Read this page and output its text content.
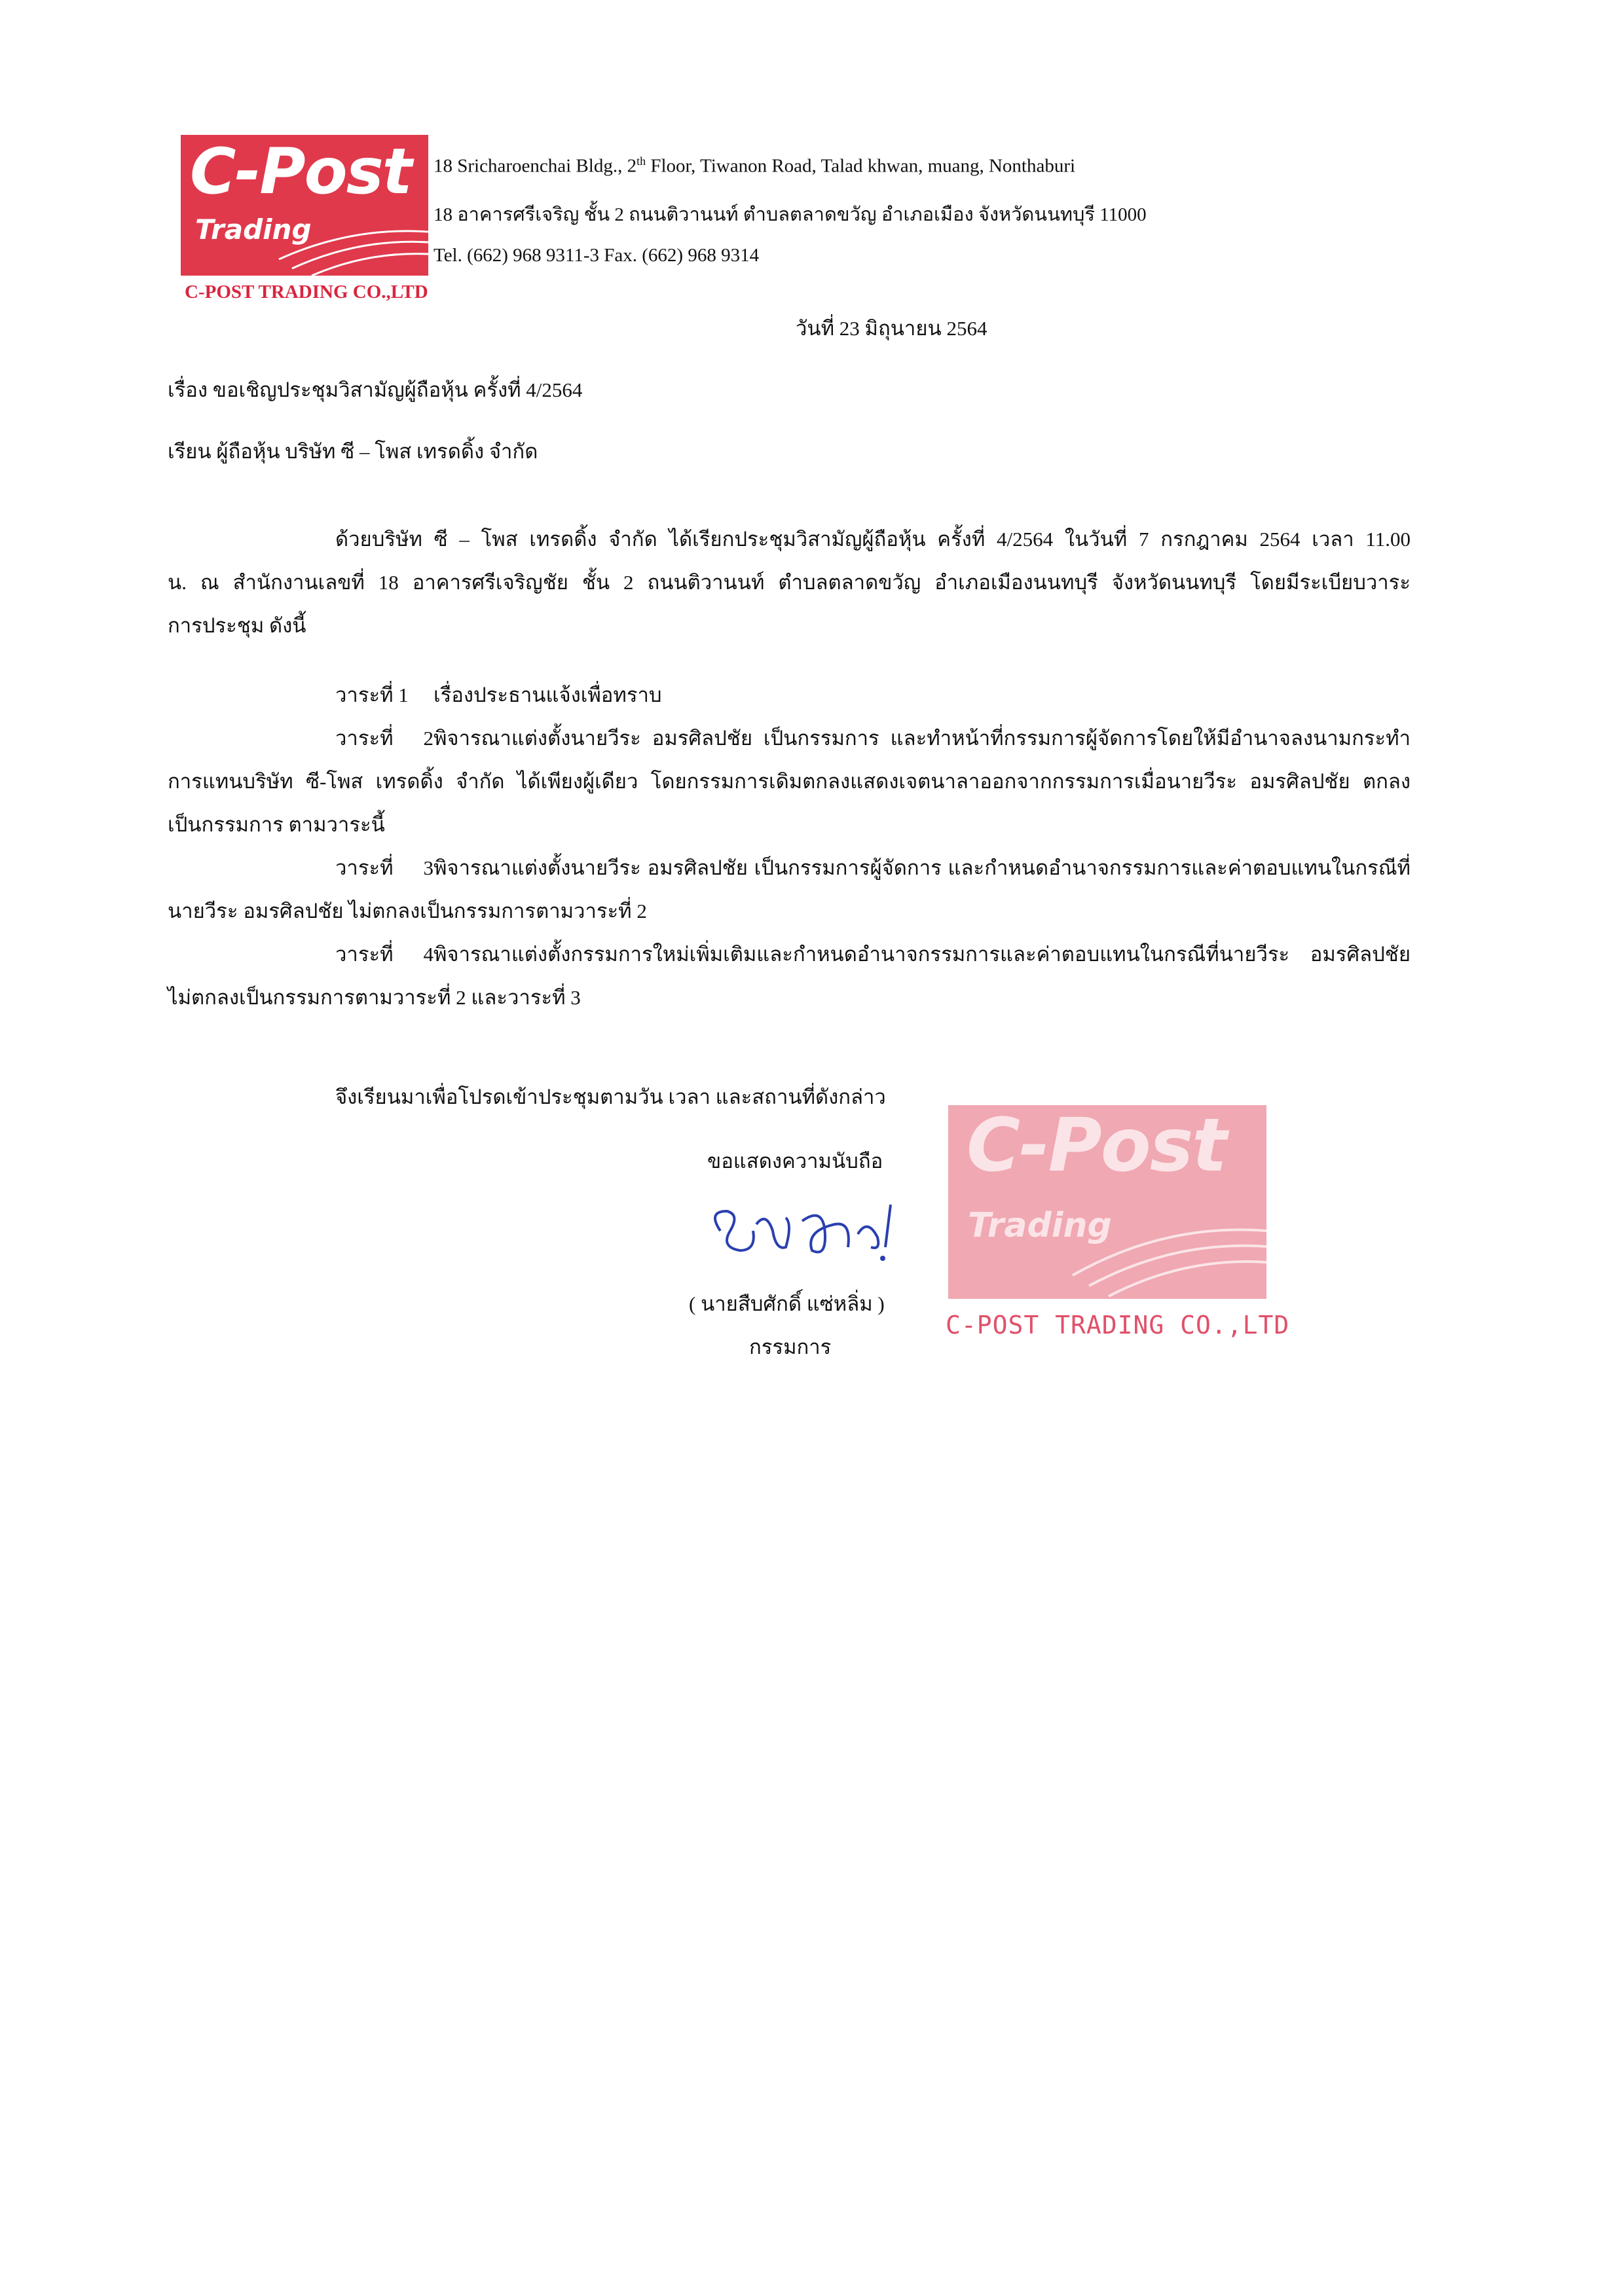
C-Post
Trading
C-POST TRADING CO.,LTD
18 Sricharoenchai Bldg., 2th Floor, Tiwanon Road, Talad khwan, muang, Nonthaburi
18 อาคารศรีเจริญ ชั้น 2 ถนนติวานนท์ ตำบลตลาดขวัญ อำเภอเมือง จังหวัดนนทบุรี 11000
Tel. (662) 968 9311-3 Fax. (662) 968 9314
วันที่ 23 มิถุนายน 2564
เรื่อง ขอเชิญประชุมวิสามัญผู้ถือหุ้น ครั้งที่ 4/2564
เรียน ผู้ถือหุ้น บริษัท ซี – โพส เทรดดิ้ง จำกัด
ด้วยบริษัท ซี – โพส เทรดดิ้ง จำกัด ได้เรียกประชุมวิสามัญผู้ถือหุ้น ครั้งที่ 4/2564 ในวันที่ 7 กรกฎาคม 2564 เวลา 11.00
น. ณ สำนักงานเลขที่ 18 อาคารศรีเจริญชัย ชั้น 2 ถนนติวานนท์ ตำบลตลาดขวัญ อำเภอเมืองนนทบุรี จังหวัดนนทบุรี โดยมีระเบียบวาระ
การประชุม ดังนี้
วาระที่ 1 เรื่องประธานแจ้งเพื่อทราบ
วาระที่ 2พิจารณาแต่งตั้งนายวีระ อมรศิลปชัย เป็นกรรมการ และทำหน้าที่กรรมการผู้จัดการโดยให้มีอำนาจลงนามกระทำ
การแทนบริษัท ซี-โพส เทรดดิ้ง จำกัด ได้เพียงผู้เดียว โดยกรรมการเดิมตกลงแสดงเจตนาลาออกจากกรรมการเมื่อนายวีระ อมรศิลปชัย ตกลง
เป็นกรรมการ ตามวาระนี้
วาระที่ 3พิจารณาแต่งตั้งนายวีระ อมรศิลปชัย เป็นกรรมการผู้จัดการ และกำหนดอำนาจกรรมการและค่าตอบแทนในกรณีที่
นายวีระ อมรศิลปชัย ไม่ตกลงเป็นกรรมการตามวาระที่ 2
วาระที่ 4พิจารณาแต่งตั้งกรรมการใหม่เพิ่มเติมและกำหนดอำนาจกรรมการและค่าตอบแทนในกรณีที่นายวีระ อมรศิลปชัย
ไม่ตกลงเป็นกรรมการตามวาระที่ 2 และวาระที่ 3
จึงเรียนมาเพื่อโปรดเข้าประชุมตามวัน เวลา และสถานที่ดังกล่าว
ขอแสดงความนับถือ
( นายสืบศักดิ์ แซ่หลิ่ม )
กรรมการ
C-Post
Trading
C-POST TRADING CO.,LTD
